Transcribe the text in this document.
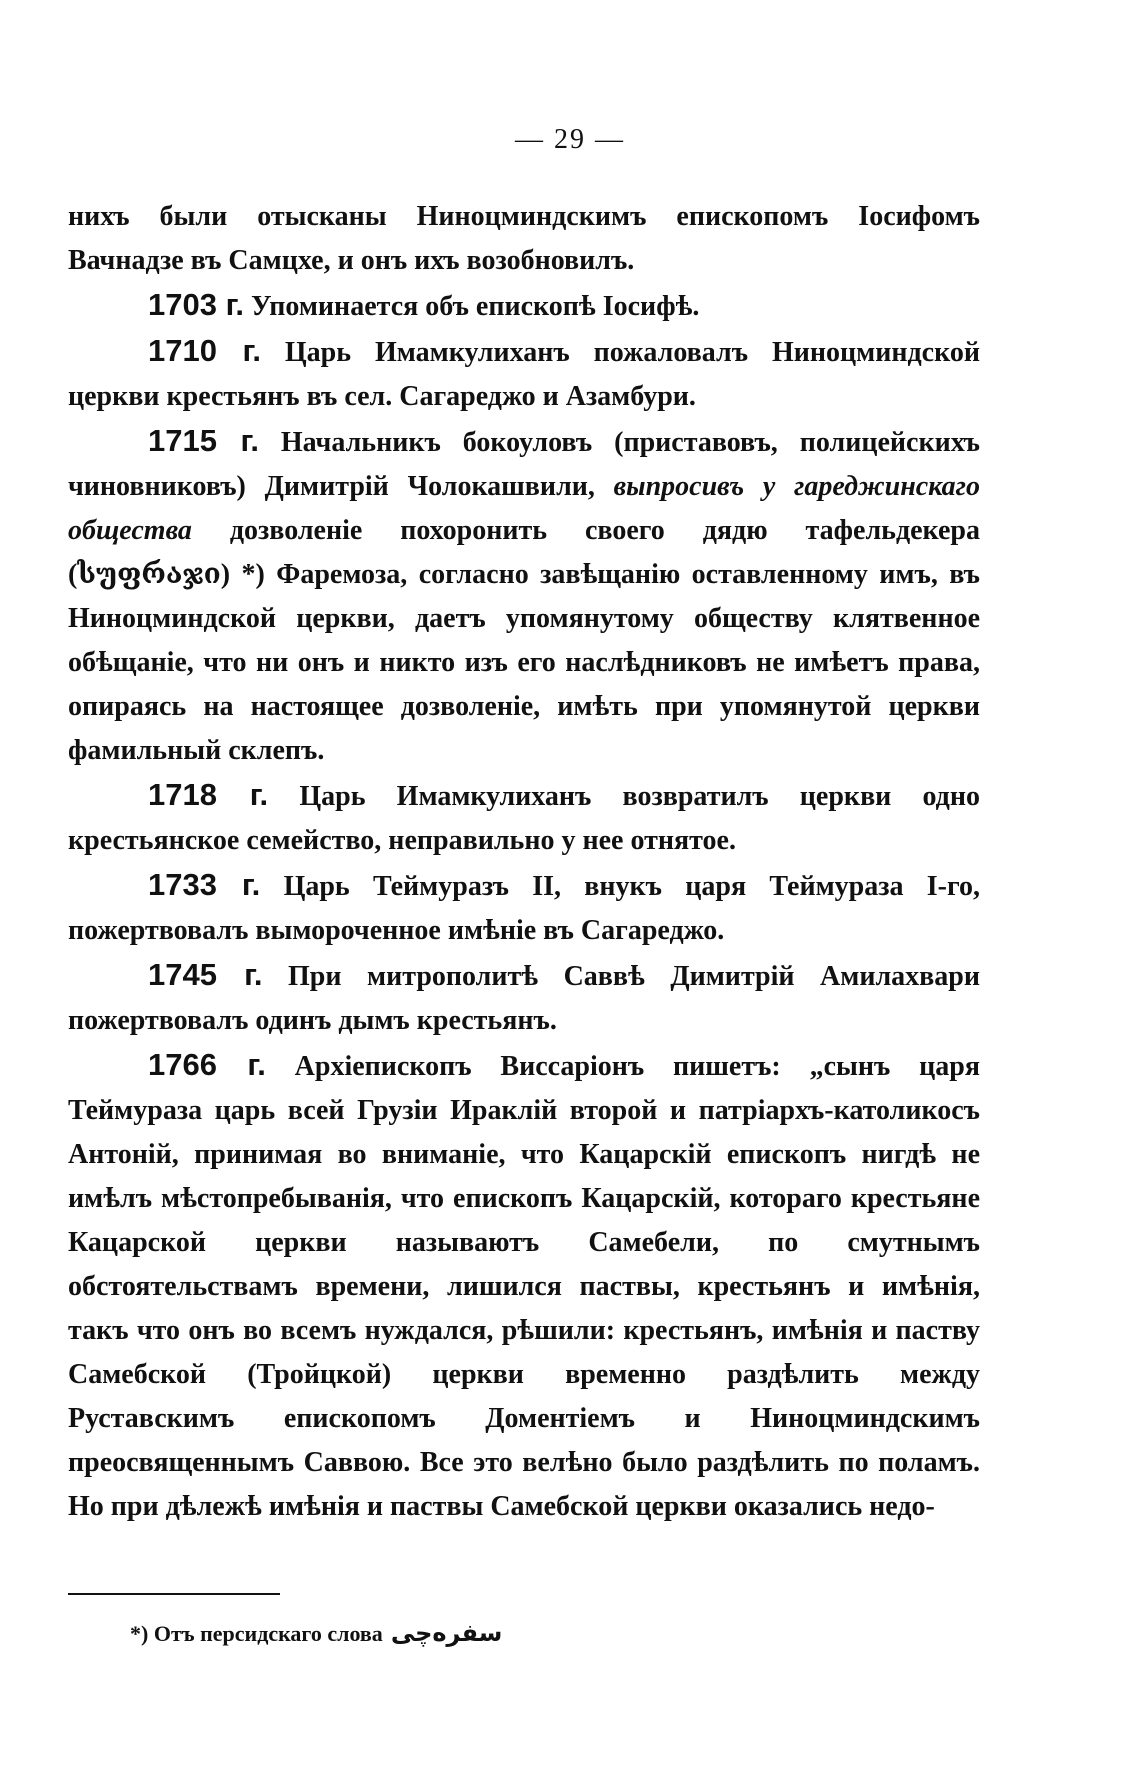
— 29 —

нихъ были отысканы Ниноцминдскимъ епископомъ Іосифомъ Вачнадзе въ Самцхе, и онъ ихъ возобновилъ.

1703 г. Упоминается объ епископѣ Іосифѣ.

1710 г. Царь Имамкулиханъ пожаловалъ Ниноцминдской церкви крестьянъ въ сел. Сагареджо и Азамбури.

1715 г. Начальникъ бокоуловъ (приставовъ, полицейскихъ чиновниковъ) Димитрій Чолокашвили, выпросивъ у гареджинскаго общества дозволеніе похоронить своего дядю тафельдекера (სუფრაჯი) *) Фаремоза, согласно завѣщанію оставленному имъ, въ Ниноцминдской церкви, даетъ упомянутому обществу клятвенное обѣщаніе, что ни онъ и никто изъ его наслѣдниковъ не имѣетъ права, опираясь на настоящее дозволеніе, имѣть при упомянутой церкви фамильный склепъ.

1718 г. Царь Имамкулиханъ возвратилъ церкви одно крестьянское семейство, неправильно у нее отнятое.

1733 г. Царь Теймуразъ II, внукъ царя Теймураза I-го, пожертвовалъ вымороченное имѣніе въ Сагареджо.

1745 г. При митрополитѣ Саввѣ Димитрій Амилахвари пожертвовалъ одинъ дымъ крестьянъ.

1766 г. Архіепископъ Виссаріонъ пишетъ: „сынъ царя Теймураза царь всей Грузіи Ираклій второй и патріархъ-католикосъ Антоній, принимая во вниманіе, что Кацарскій епископъ нигдѣ не имѣлъ мѣстопребыванія, что епископъ Кацарскій, котораго крестьяне Кацарской церкви называютъ Самебели, по смутнымъ обстоятельствамъ времени, лишился паствы, крестьянъ и имѣнія, такъ что онъ во всемъ нуждался, рѣшили: крестьянъ, имѣнія и паству Самебской (Тройцкой) церкви временно раздѣлить между Руставскимъ епископомъ Доментіемъ и Ниноцминдскимъ преосвященнымъ Саввою. Все это велѣно было раздѣлить по поламъ. Но при дѣлежѣ имѣнія и паствы Самебской церкви оказались недо-

*) Отъ персидскаго слова سفره‌چی
